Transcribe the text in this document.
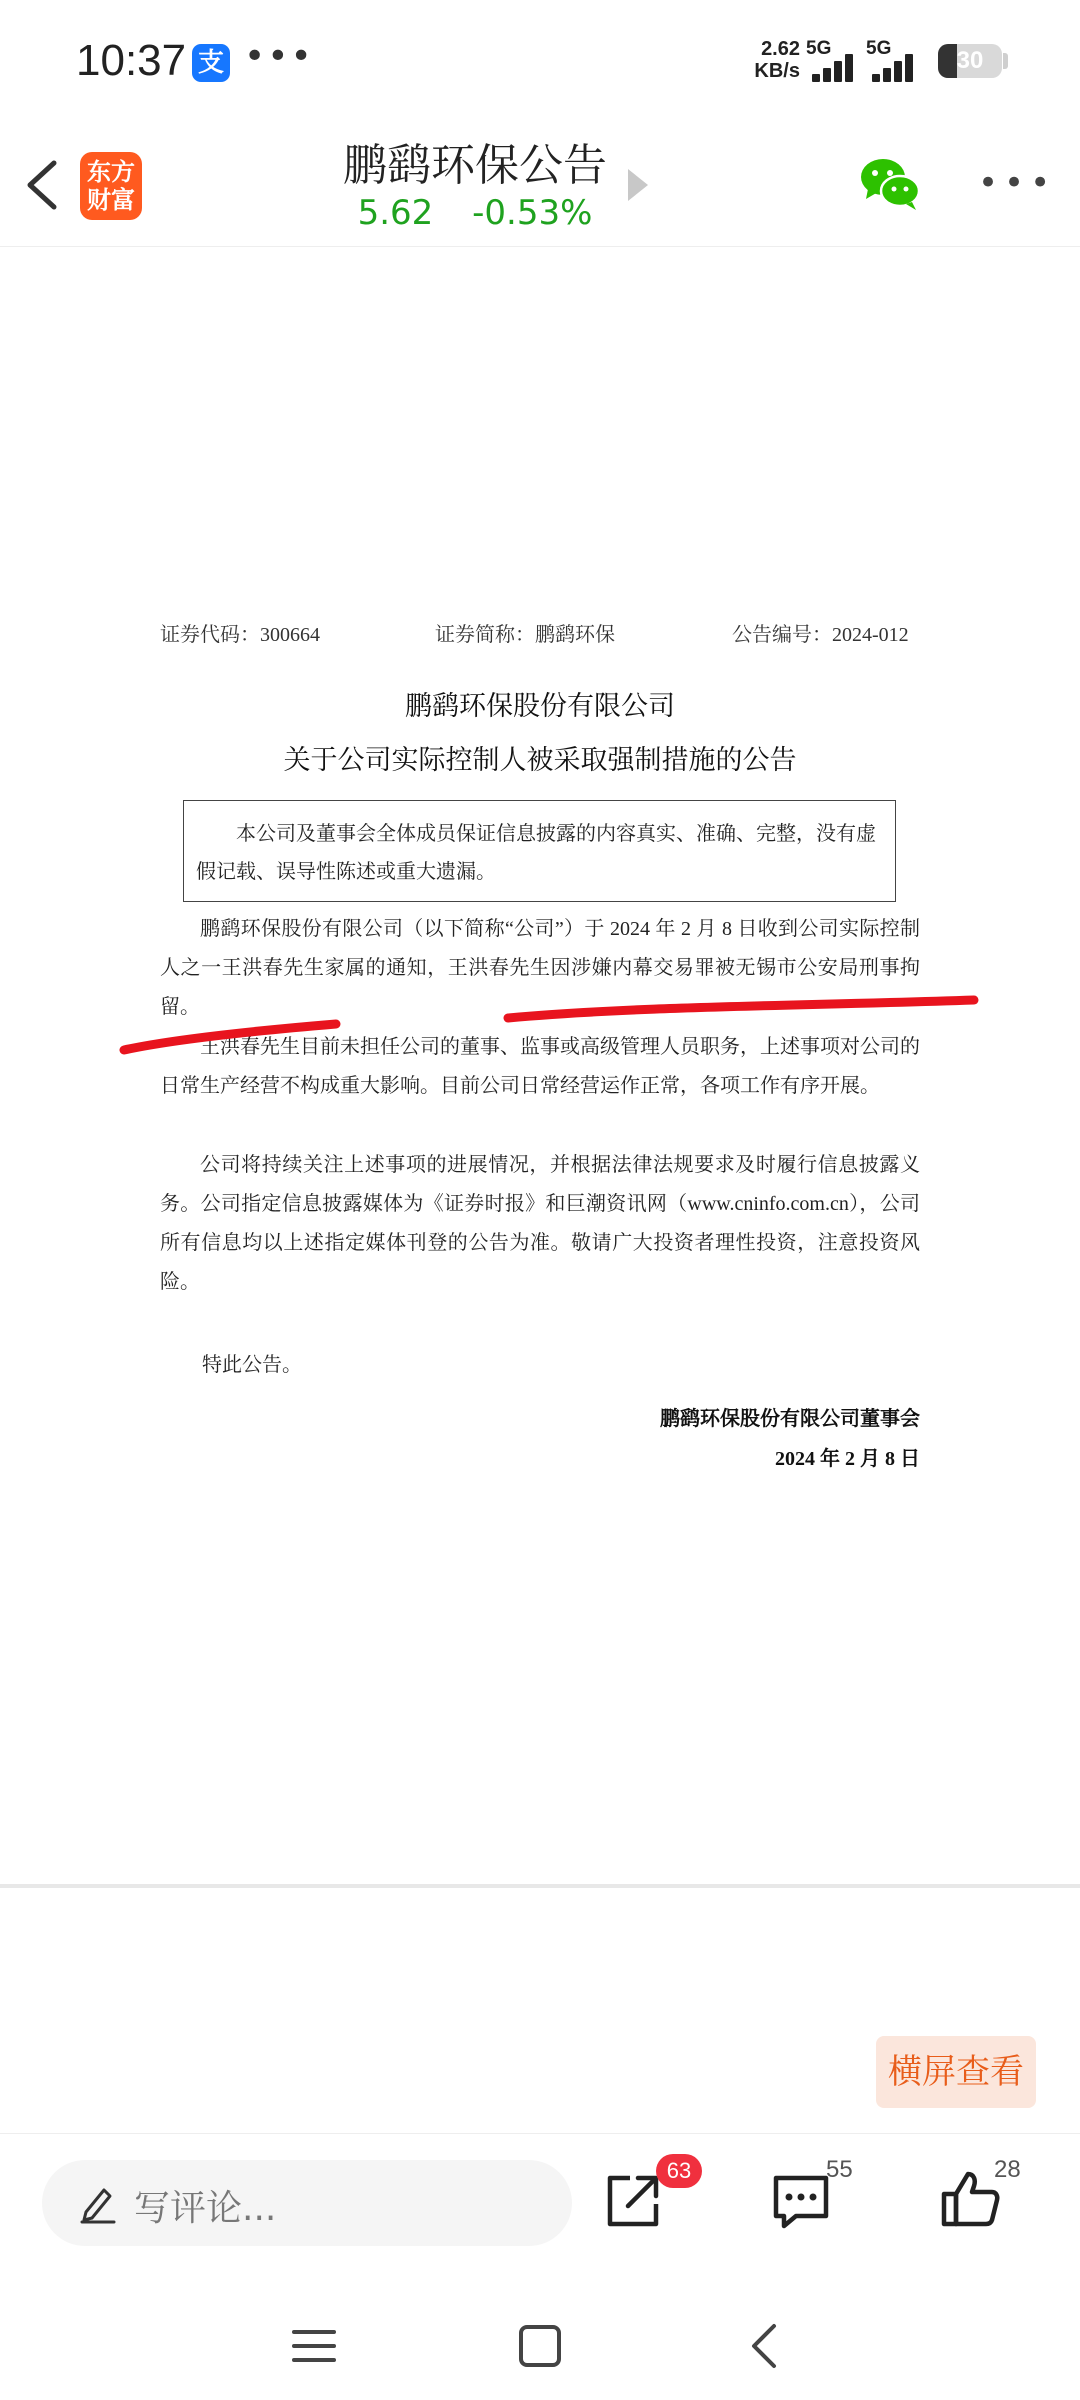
10:37 支 •••	2.62
KB/s
5G 5G	30
东方
财富
鹏鹞环保公告
5.62 -0.53%
•••
证券代码：300664	证券简称：鹏鹞环保	公告编号：2024-012
鹏鹞环保股份有限公司
关于公司实际控制人被采取强制措施的公告
本公司及董事会全体成员保证信息披露的内容真实、准确、完整，没有虚假记载、误导性陈述或重大遗漏。
鹏鹞环保股份有限公司（以下简称“公司”）于 2024 年 2 月 8 日收到公司实际控制人之一王洪春先生家属的通知，王洪春先生因涉嫌内幕交易罪被无锡市公安局刑事拘留。
王洪春先生目前未担任公司的董事、监事或高级管理人员职务，上述事项对公司的日常生产经营不构成重大影响。目前公司日常经营运作正常，各项工作有序开展。
公司将持续关注上述事项的进展情况，并根据法律法规要求及时履行信息披露义务。公司指定信息披露媒体为《证券时报》和巨潮资讯网（www.cninfo.com.cn），公司所有信息均以上述指定媒体刊登的公告为准。敬请广大投资者理性投资，注意投资风险。
特此公告。
鹏鹞环保股份有限公司董事会
2024 年 2 月 8 日
横屏查看
写评论...
63	55	28
